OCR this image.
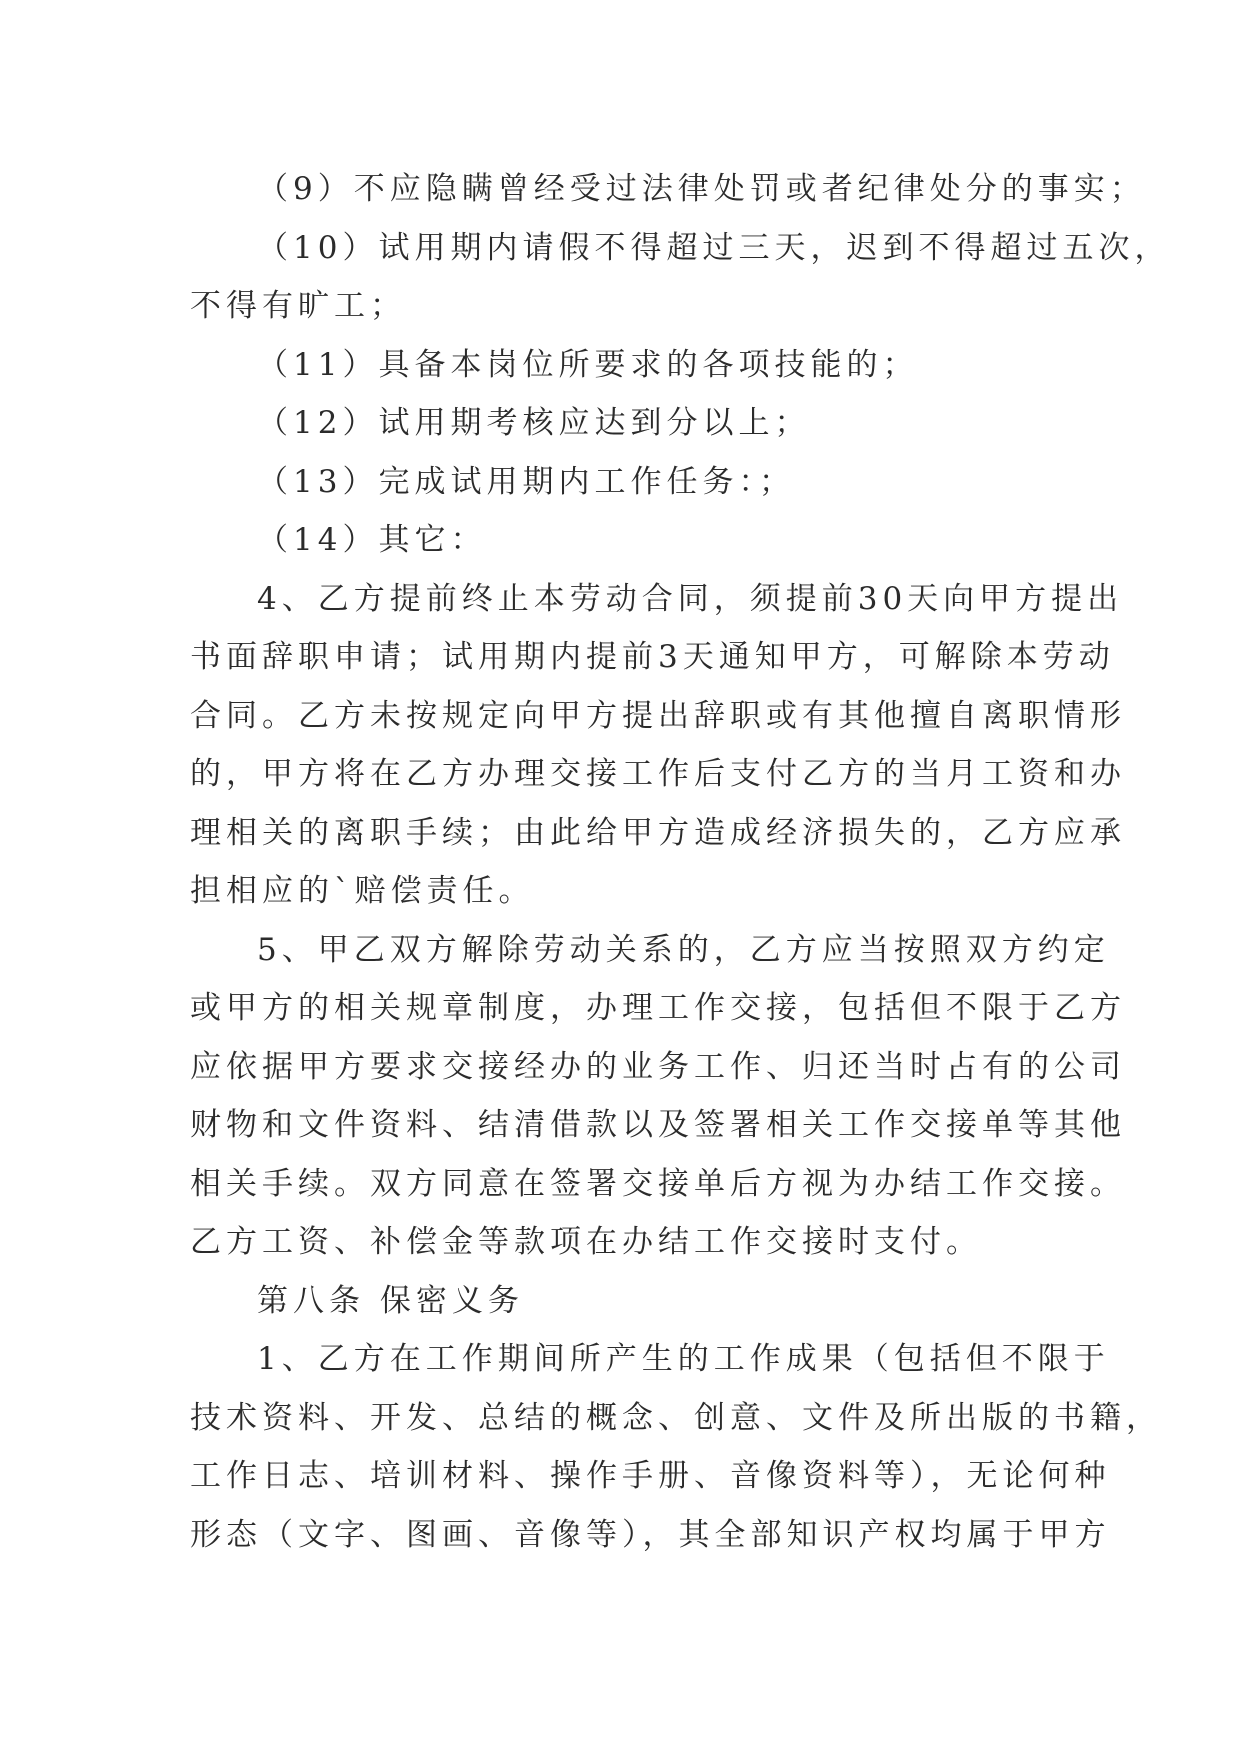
（9）不应隐瞒曾经受过法律处罚或者纪律处分的事实；
（10）试用期内请假不得超过三天，迟到不得超过五次，
不得有旷工；
（11）具备本岗位所要求的各项技能的；
（12）试用期考核应达到分以上；
（13）完成试用期内工作任务：；
（14）其它：
4、乙方提前终止本劳动合同，须提前30天向甲方提出
书面辞职申请；试用期内提前3天通知甲方，可解除本劳动
合同。乙方未按规定向甲方提出辞职或有其他擅自离职情形
的，甲方将在乙方办理交接工作后支付乙方的当月工资和办
理相关的离职手续；由此给甲方造成经济损失的，乙方应承
担相应的`赔偿责任。
5、甲乙双方解除劳动关系的，乙方应当按照双方约定
或甲方的相关规章制度，办理工作交接，包括但不限于乙方
应依据甲方要求交接经办的业务工作、归还当时占有的公司
财物和文件资料、结清借款以及签署相关工作交接单等其他
相关手续。双方同意在签署交接单后方视为办结工作交接。
乙方工资、补偿金等款项在办结工作交接时支付。
第八条 保密义务
1、乙方在工作期间所产生的工作成果（包括但不限于
技术资料、开发、总结的概念、创意、文件及所出版的书籍，
工作日志、培训材料、操作手册、音像资料等），无论何种
形态（文字、图画、音像等），其全部知识产权均属于甲方
